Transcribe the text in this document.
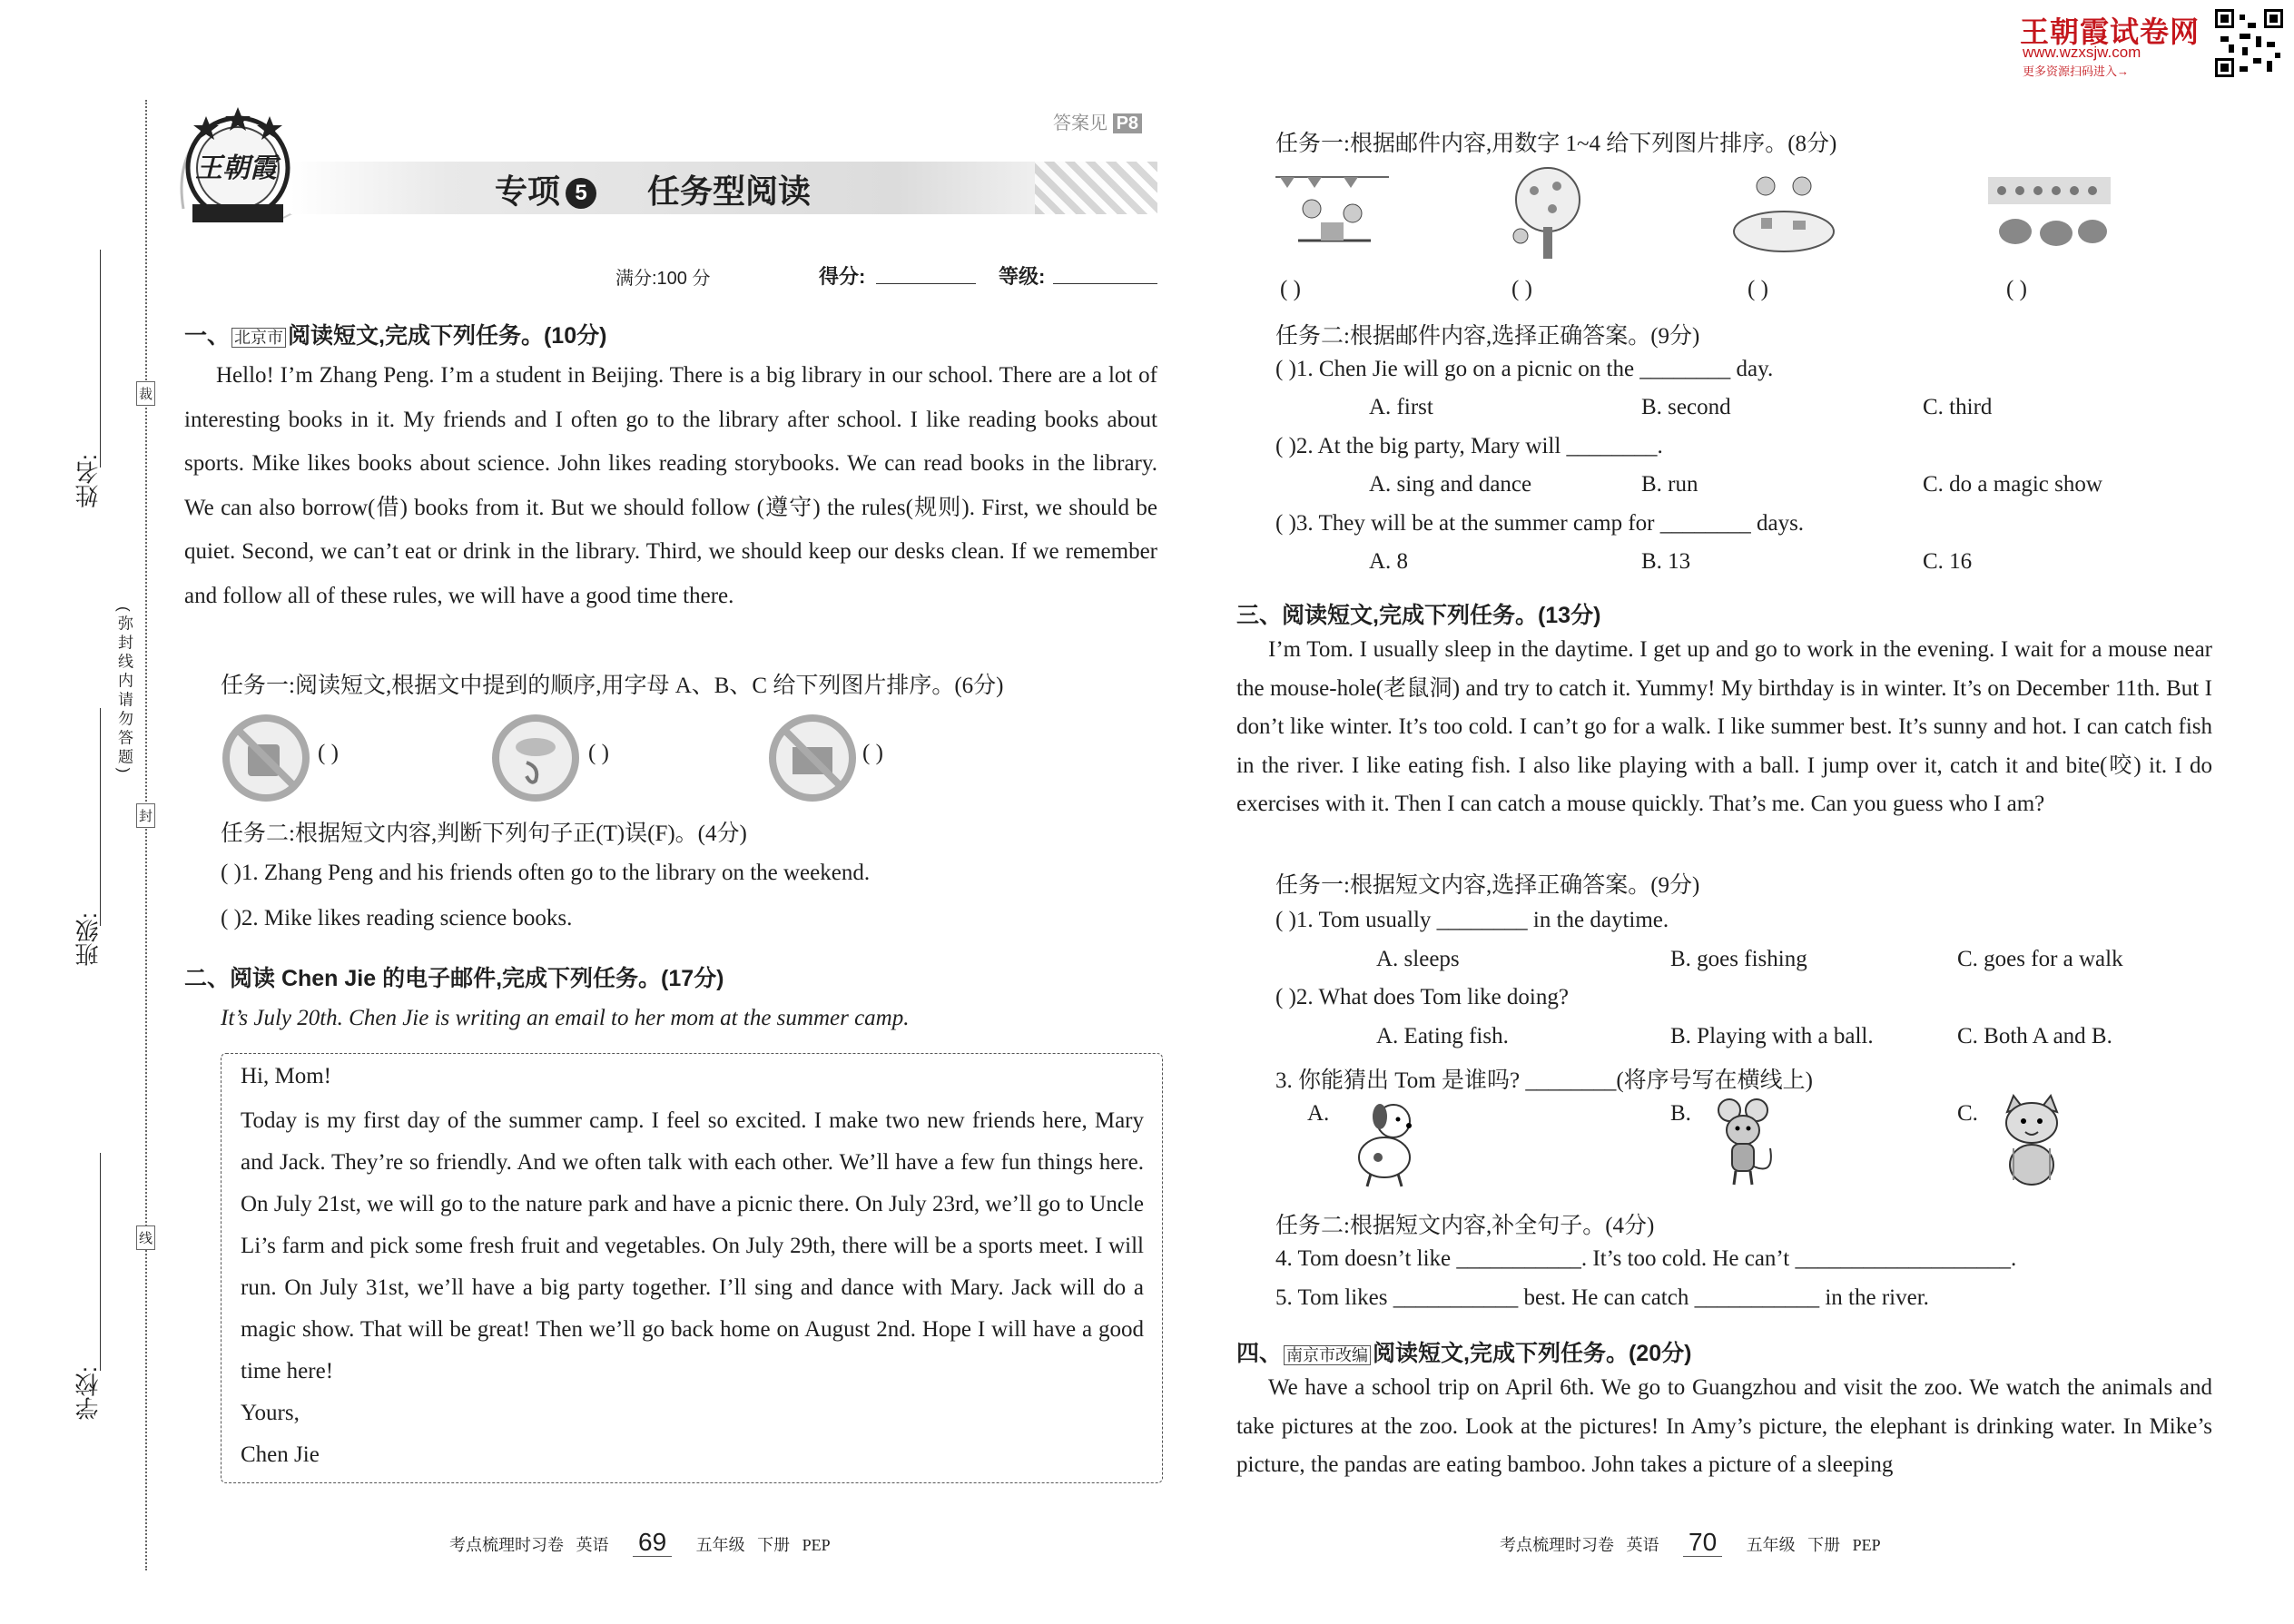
姓名:
班级:
学校:
裁
封
线
(弥封线内请勿答题)
王朝霞
答案见 P8
专项 5 任务型阅读
满分:100 分	得分:	等级:
一、 北京市 阅读短文,完成下列任务。(10分)
Hello! I’m Zhang Peng. I’m a student in Beijing. There is a big library in our school. There are a lot of interesting books in it. My friends and I often go to the library after school. I like reading books about sports. Mike likes books about science. John likes reading storybooks. We can read books in the library. We can also borrow(借) books from it. But we should follow (遵守) the rules(规则). First, we should be quiet. Second, we can’t eat or drink in the library. Third, we should keep our desks clean. If we remember and follow all of these rules, we will have a good time there.
任务一:阅读短文,根据文中提到的顺序,用字母 A、B、C 给下列图片排序。(6分)
( )	( )	( )
任务二:根据短文内容,判断下列句子正(T)误(F)。(4分)
( )1. Zhang Peng and his friends often go to the library on the weekend.
( )2. Mike likes reading science books.
二、阅读 Chen Jie 的电子邮件,完成下列任务。(17分)
It’s July 20th. Chen Jie is writing an email to her mom at the summer camp.
Hi, Mom!
Today is my first day of the summer camp. I feel so excited. I make two new friends here, Mary and Jack. They’re so friendly. And we often talk with each other. We’ll have a few fun things here. On July 21st, we will go to the nature park and have a picnic there. On July 23rd, we’ll go to Uncle Li’s farm and pick some fresh fruit and vegetables. On July 29th, there will be a sports meet. I will run. On July 31st, we’ll have a big party together. I’ll sing and dance with Mary. Jack will do a magic show. That will be great! Then we’ll go back home on August 2nd. Hope I will have a good time here!
Yours,
Chen Jie
考点梳理时习卷 英语 69 五年级 下册 PEP
王朝霞试卷网
www.wzxsjw.com
更多资源扫码进入→
任务一:根据邮件内容,用数字 1~4 给下列图片排序。(8分)
( )	( )	( )	( )
任务二:根据邮件内容,选择正确答案。(9分)
( )1. Chen Jie will go on a picnic on the ________ day.
A. first	B. second	C. third
( )2. At the big party, Mary will ________.
A. sing and dance	B. run	C. do a magic show
( )3. They will be at the summer camp for ________ days.
A. 8	B. 13	C. 16
三、阅读短文,完成下列任务。(13分)
I’m Tom. I usually sleep in the daytime. I get up and go to work in the evening. I wait for a mouse near the mouse-hole(老鼠洞) and try to catch it. Yummy! My birthday is in winter. It’s on December 11th. But I don’t like winter. It’s too cold. I can’t go for a walk. I like summer best. It’s sunny and hot. I can catch fish in the river. I like eating fish. I also like playing with a ball. I jump over it, catch it and bite(咬) it. I do exercises with it. Then I can catch a mouse quickly. That’s me. Can you guess who I am?
任务一:根据短文内容,选择正确答案。(9分)
( )1. Tom usually ________ in the daytime.
A. sleeps	B. goes fishing	C. goes for a walk
( )2. What does Tom like doing?
A. Eating fish.	B. Playing with a ball.	C. Both A and B.
3. 你能猜出 Tom 是谁吗? ________(将序号写在横线上)
A.	B.	C.
任务二:根据短文内容,补全句子。(4分)
4. Tom doesn’t like ___________. It’s too cold. He can’t ___________________.
5. Tom likes ___________ best. He can catch ___________ in the river.
四、 南京市改编 阅读短文,完成下列任务。(20分)
We have a school trip on April 6th. We go to Guangzhou and visit the zoo. We watch the animals and take pictures at the zoo. Look at the pictures! In Amy’s picture, the elephant is drinking water. In Mike’s picture, the pandas are eating bamboo. John takes a picture of a sleeping
考点梳理时习卷 英语 70 五年级 下册 PEP
